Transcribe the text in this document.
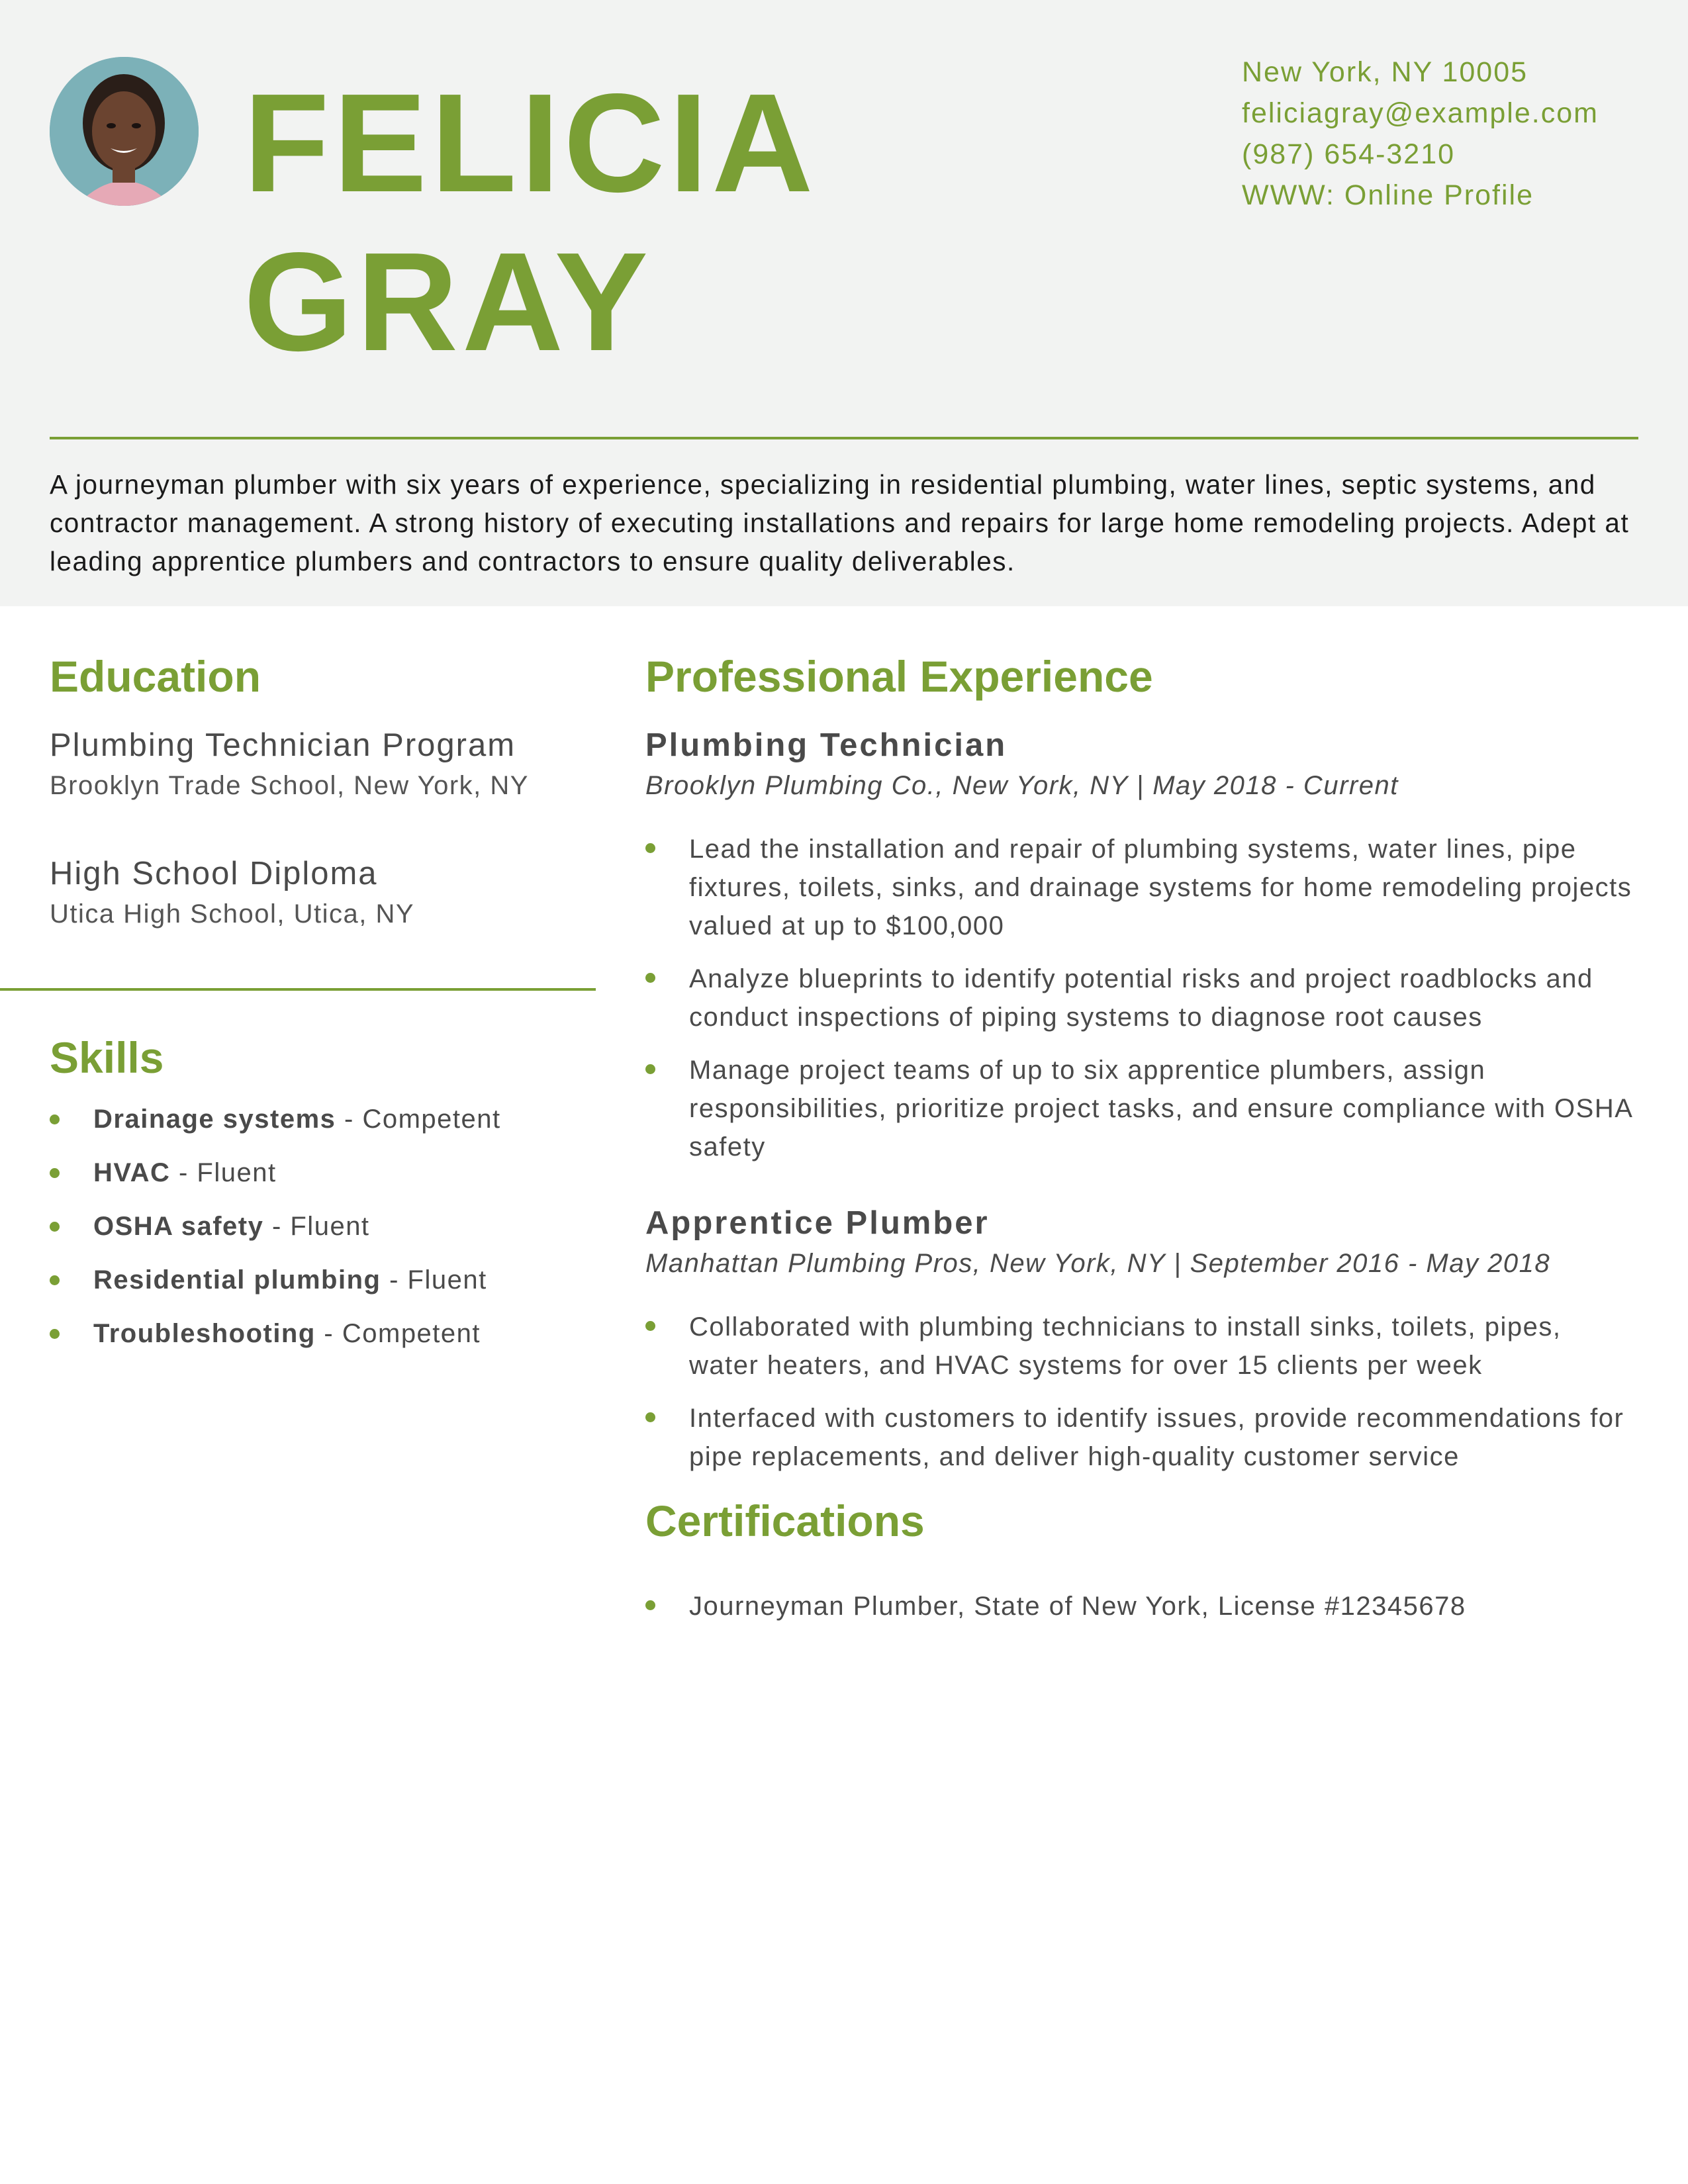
FELICIA
GRAY
New York, NY 10005
feliciagray@example.com
(987) 654-3210
WWW: Online Profile
A journeyman plumber with six years of experience, specializing in residential plumbing, water lines, septic systems, and contractor management. A strong history of executing installations and repairs for large home remodeling projects. Adept at leading apprentice plumbers and contractors to ensure quality deliverables.
Education
Plumbing Technician Program
Brooklyn Trade School, New York, NY
High School Diploma
Utica High School, Utica, NY
Skills
Drainage systems - Competent
HVAC - Fluent
OSHA safety - Fluent
Residential plumbing - Fluent
Troubleshooting - Competent
Professional Experience
Plumbing Technician
Brooklyn Plumbing Co., New York, NY | May 2018 - Current
Lead the installation and repair of plumbing systems, water lines, pipe fixtures, toilets, sinks, and drainage systems for home remodeling projects valued at up to $100,000
Analyze blueprints to identify potential risks and project roadblocks and conduct inspections of piping systems to diagnose root causes
Manage project teams of up to six apprentice plumbers, assign responsibilities, prioritize project tasks, and ensure compliance with OSHA safety
Apprentice Plumber
Manhattan Plumbing Pros, New York, NY | September 2016 - May 2018
Collaborated with plumbing technicians to install sinks, toilets, pipes, water heaters, and HVAC systems for over 15 clients per week
Interfaced with customers to identify issues, provide recommendations for pipe replacements, and deliver high-quality customer service
Certifications
Journeyman Plumber, State of New York, License #12345678
